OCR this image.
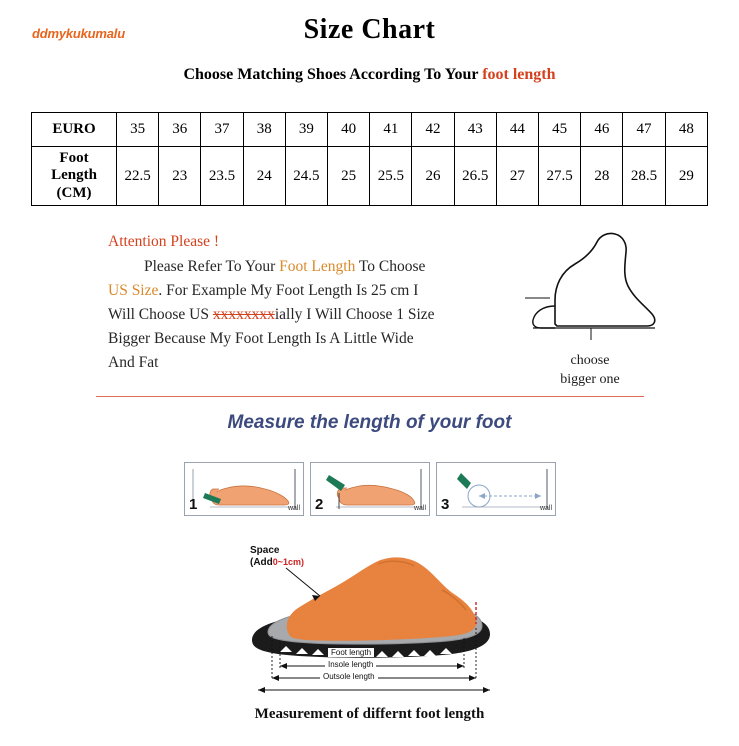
ddmykukumalu	Size Chart
Choose Matching Shoes According To Your foot length
EURO	35	36	37	38	39	40	41	42	43	44	45	46	47	48

Foot
Length
(CM)	22.5	23	23.5	24	24.5	25	25.5	26	26.5	27	27.5	28	28.5	29

Attention Please !

Please Refer To Your Foot Length To Choose

US Size. For Example My Foot Length Is 25 cm I

Will Choose US xxxxxxxxially I Will Choose 1 Size

Bigger Because My Foot Length Is A Little Wide

And Fat	choose
bigger one
Measure the length of your foot
1	wall 2	wall 3	wall
Space
(Add0~1cm)
Foot length
Insole length
Outsole length
Measurement of differnt foot length
